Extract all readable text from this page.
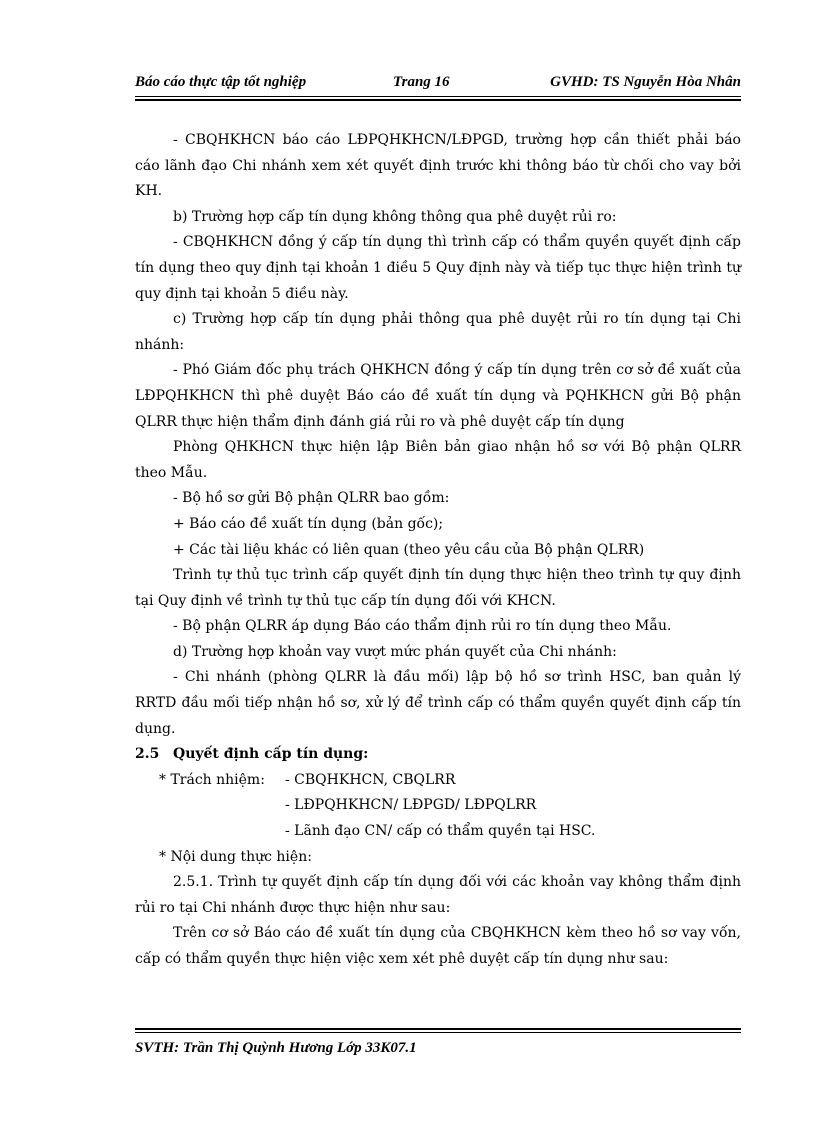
Báo cáo thực tập tốt nghiệp	Trang 16	GVHD: TS Nguyễn Hòa Nhân

- CBQHKHCN báo cáo LĐPQHKHCN/LĐPGD, trường hợp cần thiết phải báo cáo lãnh đạo Chi nhánh xem xét quyết định trước khi thông báo từ chối cho vay bởi KH.

b) Trường hợp cấp tín dụng không thông qua phê duyệt rủi ro:

- CBQHKHCN đồng ý cấp tín dụng thì trình cấp có thẩm quyền quyết định cấp tín dụng theo quy định tại khoản 1 điều 5 Quy định này và tiếp tục thực hiện trình tự quy định tại khoản 5 điều này.

c) Trường hợp cấp tín dụng phải thông qua phê duyệt rủi ro tín dụng tại Chi nhánh:

- Phó Giám đốc phụ trách QHKHCN đồng ý cấp tín dụng trên cơ sở đề xuất của LĐPQHKHCN thì phê duyệt Báo cáo đề xuất tín dụng và PQHKHCN gửi Bộ phận QLRR thực hiện thẩm định đánh giá rủi ro và phê duyệt cấp tín dụng

Phòng QHKHCN thực hiện lập Biên bản giao nhận hồ sơ với Bộ phận QLRR theo Mẫu.

- Bộ hồ sơ gửi Bộ phận QLRR bao gồm:

+ Báo cáo đề xuất tín dụng (bản gốc);

+ Các tài liệu khác có liên quan (theo yêu cầu của Bộ phận QLRR)

Trình tự thủ tục trình cấp quyết định tín dụng thực hiện theo trình tự quy định tại Quy định về trình tự thủ tục cấp tín dụng đối với KHCN.

- Bộ phận QLRR áp dụng Báo cáo thẩm định rủi ro tín dụng theo Mẫu.

d) Trường hợp khoản vay vượt mức phán quyết của Chi nhánh:

- Chi nhánh (phòng QLRR là đầu mối) lập bộ hồ sơ trình HSC, ban quản lý RRTD đầu mối tiếp nhận hồ sơ, xử lý để trình cấp có thẩm quyền quyết định cấp tín dụng.

2.5 Quyết định cấp tín dụng:

* Trách nhiệm: - CBQHKHCN, CBQLRR
- LĐPQHKHCN/ LĐPGD/ LĐPQLRR
- Lãnh đạo CN/ cấp có thẩm quyền tại HSC.
* Nội dung thực hiện:

2.5.1. Trình tự quyết định cấp tín dụng đối với các khoản vay không thẩm định rủi ro tại Chi nhánh được thực hiện như sau:

Trên cơ sở Báo cáo đề xuất tín dụng của CBQHKHCN kèm theo hồ sơ vay vốn, cấp có thẩm quyền thực hiện việc xem xét phê duyệt cấp tín dụng như sau:

SVTH: Trần Thị Quỳnh Hương Lớp 33K07.1
